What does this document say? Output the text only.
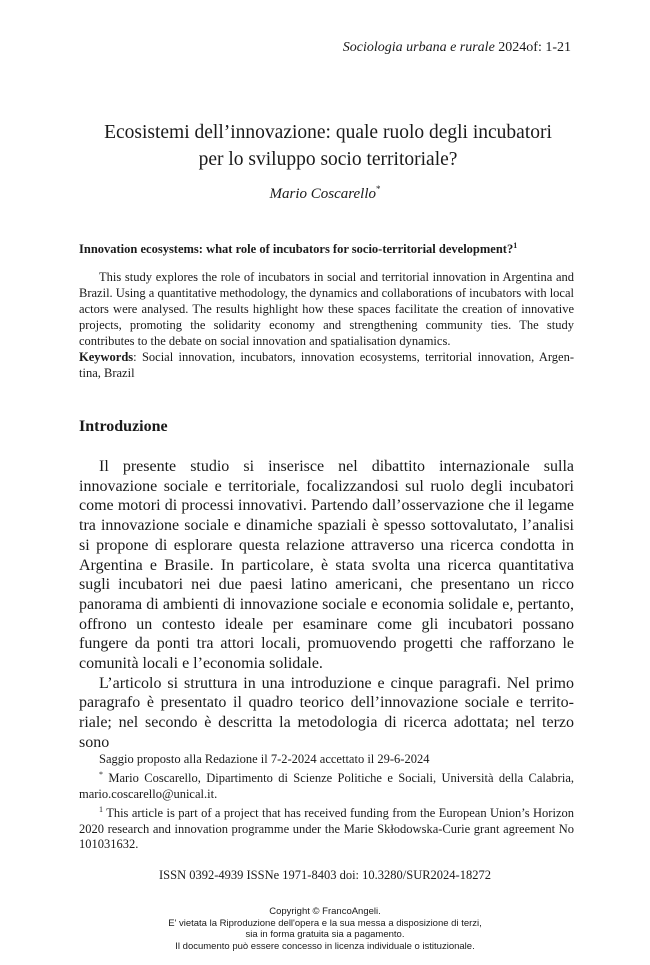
Sociologia urbana e rurale 2024of: 1-21
Ecosistemi dell’innovazione: quale ruolo degli incubatori
per lo sviluppo socio territoriale?
Mario Coscarello*
Innovation ecosystems: what role of incubators for socio-territorial development?$^1$
This study explores the role of incubators in social and territorial innovation in Argentina and Brazil. Using a quantitative methodology, the dynamics and collaborations of incubators with local actors were analysed. The results highlight how these spaces facilitate the creation of innovative projects, promoting the solidarity economy and strengthening community ties. The study contributes to the debate on social innovation and spatialisation dynamics.
Keywords: Social innovation, incubators, innovation ecosystems, territorial innovation, Argen-tina, Brazil
Introduzione

Il presente studio si inserisce nel dibattito internazionale sulla innovazione sociale e territoriale, focalizzandosi sul ruolo degli incubatori come motori di processi innovativi. Partendo dall’osservazione che il legame tra innovazione sociale e dinamiche spaziali è spesso sottovalutato, l’analisi si propone di esplorare questa relazione attraverso una ricerca condotta in Argentina e Brasile. In particolare, è stata svolta una ricerca quantitativa sugli incubatori nei due paesi latino americani, che presentano un ricco panorama di ambienti di innovazione sociale e economia solidale e, pertanto, offrono un contesto ideale per esaminare come gli incubatori possano fungere da ponti tra attori locali, promuovendo progetti che rafforzano le comunità locali e l’economia solidale.

L’articolo si struttura in una introduzione e cinque paragrafi. Nel primo paragrafo è presentato il quadro teorico dell’innovazione sociale e territo-riale; nel secondo è descritta la metodologia di ricerca adottata; nel terzo sono

Saggio proposto alla Redazione il 7-2-2024 accettato il 29-6-2024

* Mario Coscarello, Dipartimento di Scienze Politiche e Sociali, Università della Calabria, mario.coscarello@unical.it.

$^1$ This article is part of a project that has received funding from the European Union’s Horizon 2020 research and innovation programme under the Marie Skłodowska-Curie grant agreement No 101031632.

ISSN 0392-4939 ISSNe 1971-8403 doi: 10.3280/SUR2024-18272
Copyright © FrancoAngeli.
E' vietata la Riproduzione dell'opera e la sua messa a disposizione di terzi,
sia in forma gratuita sia a pagamento.
Il documento può essere concesso in licenza individuale o istituzionale.
